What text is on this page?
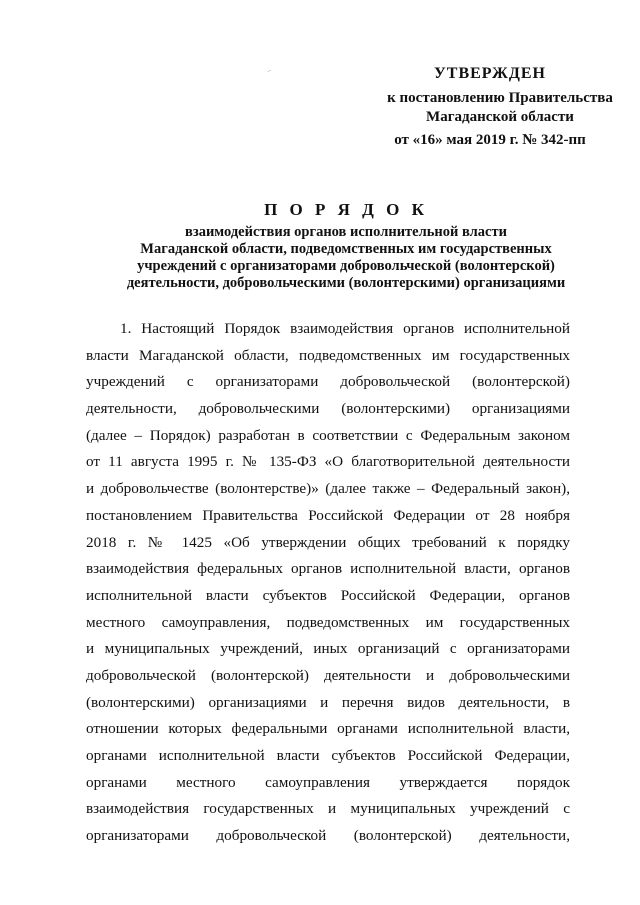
⸝	УТВЕРЖДЕН
к постановлению Правительства
Магаданской области
от «16» мая 2019 г. № 342-пп
П О Р Я Д О К
взаимодействия органов исполнительной власти
Магаданской области, подведомственных им государственных
учреждений с организаторами добровольческой (волонтерской)
деятельности, добровольческими (волонтерскими) организациями
1. Настоящий Порядок взаимодействия органов исполнительной
власти Магаданской области, подведомственных им государственных
учреждений с организаторами добровольческой (волонтерской)
деятельности, добровольческими (волонтерскими) организациями
(далее – Порядок) разработан в соответствии с Федеральным законом
от 11 августа 1995 г. № 135-ФЗ «О благотворительной деятельности
и добровольчестве (волонтерстве)» (далее также – Федеральный закон),
постановлением Правительства Российской Федерации от 28 ноября
2018 г. № 1425 «Об утверждении общих требований к порядку
взаимодействия федеральных органов исполнительной власти, органов
исполнительной власти субъектов Российской Федерации, органов
местного самоуправления, подведомственных им государственных
и муниципальных учреждений, иных организаций с организаторами
добровольческой (волонтерской) деятельности и добровольческими
(волонтерскими) организациями и перечня видов деятельности, в
отношении которых федеральными органами исполнительной власти,
органами исполнительной власти субъектов Российской Федерации,
органами местного самоуправления утверждается порядок
взаимодействия государственных и муниципальных учреждений с
организаторами добровольческой (волонтерской) деятельности,
